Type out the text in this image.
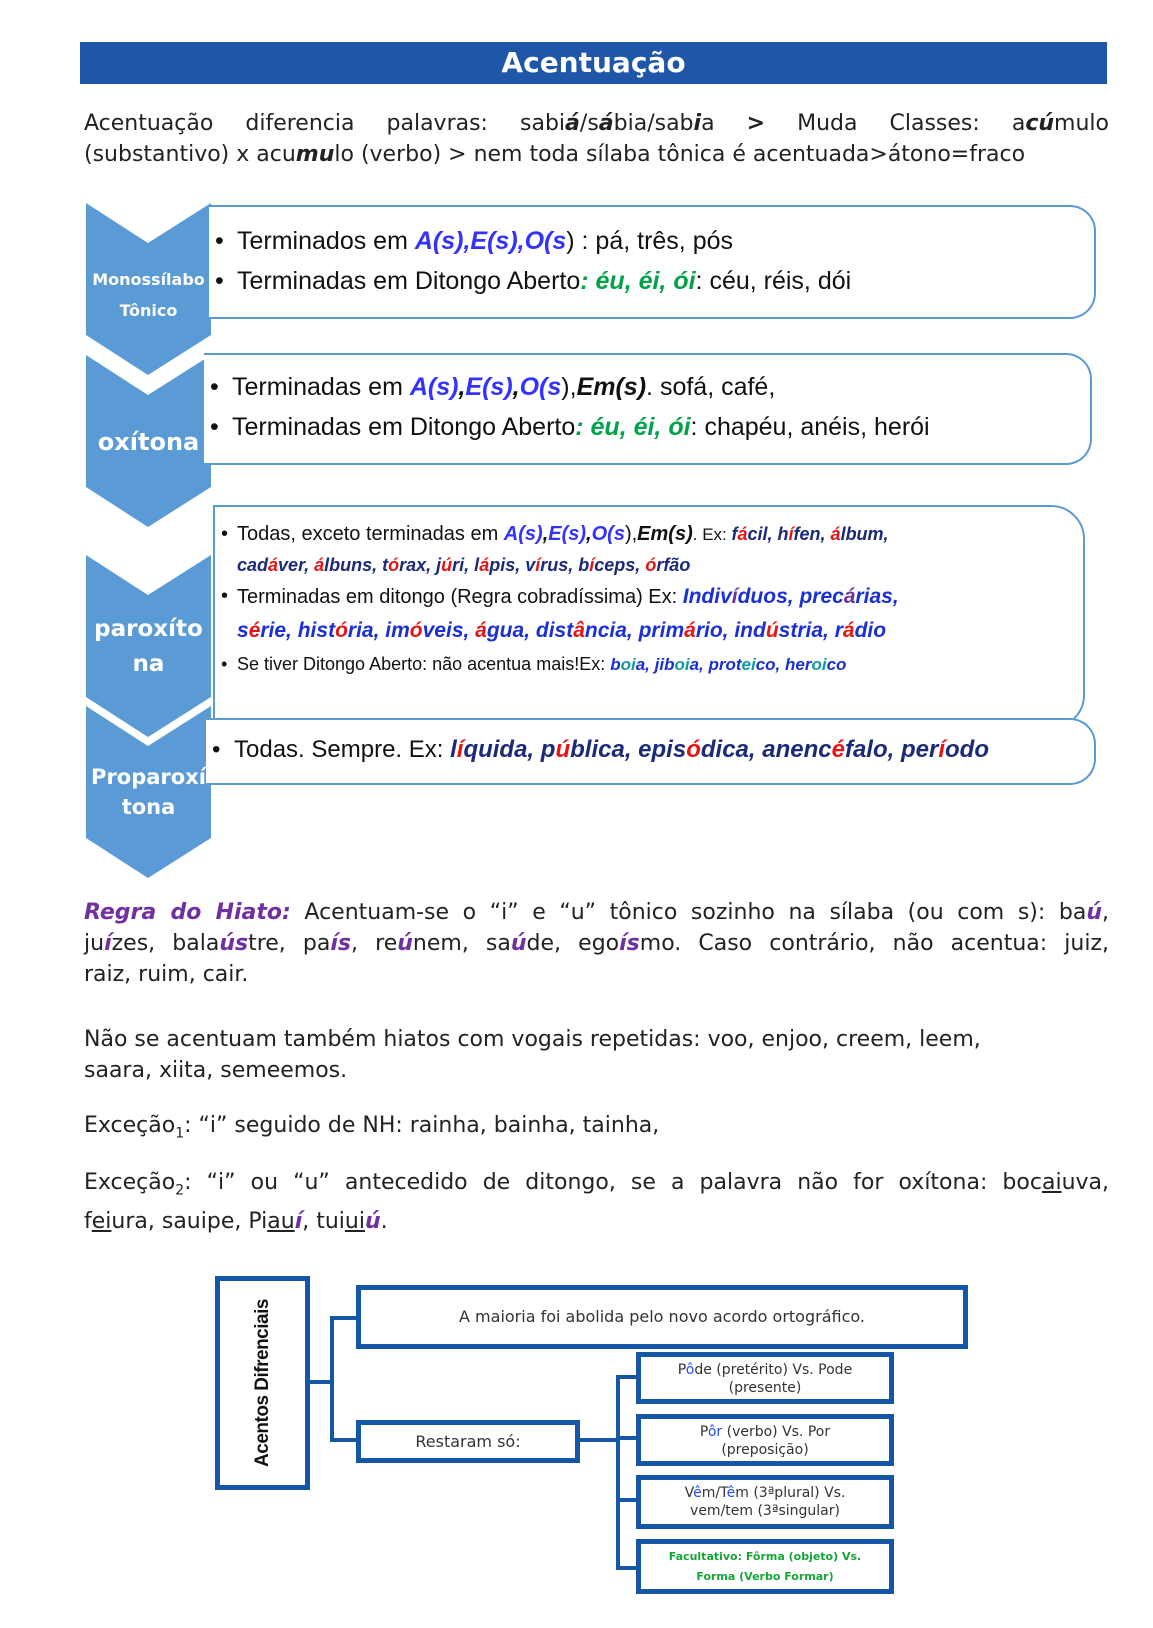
Acentuação
Acentuação diferencia palavras: sabiá/sábia/sabia > Muda Classes: acúmulo
(substantivo) x acumulo (verbo) > nem toda sílaba tônica é acentuada>átono=fraco
Monossílabo
Tônico
oxítona
paroxíto
na
Proparoxí
tona
• Terminados em A(s),E(s),O(s) : pá, três, pós
• Terminadas em Ditongo Aberto: éu, éi, ói: céu, réis, dói
• Terminadas em A(s),E(s),O(s),Em(s). sofá, café,
• Terminadas em Ditongo Aberto: éu, éi, ói: chapéu, anéis, herói
• Todas, exceto terminadas em A(s),E(s),O(s),Em(s). Ex: fácil, hífen, álbum,
cadáver, álbuns, tórax, júri, lápis, vírus, bíceps, órfão
• Terminadas em ditongo (Regra cobradíssima) Ex: Indivíduos, precárias,
série, história, imóveis, água, distância, primário, indústria, rádio
• Se tiver Ditongo Aberto: não acentua mais!Ex: boia, jiboia, proteico, heroico
• Todas. Sempre. Ex: líquida, pública, episódica, anencéfalo, período
Regra do Hiato: Acentuam-se o “i” e “u” tônico sozinho na sílaba (ou com s): baú,
juízes, balaústre, país, reúnem, saúde, egoísmo. Caso contrário, não acentua: juiz,
raiz, ruim, cair.
Não se acentuam também hiatos com vogais repetidas: voo, enjoo, creem, leem,
saara, xiita, semeemos.
Exceção$_1$: “i” seguido de NH: rainha, bainha, tainha,
Exceção$_2$: “i” ou “u” antecedido de ditongo, se a palavra não for oxítona: bocaiuva,
feiura, sauipe, Piauí, tuiuiú.
Acentos Difrenciais	A maioria foi abolida pelo novo acordo ortográfico.
Restaram só:
Pôde (pretérito) Vs. Pode
(presente)
Pôr (verbo) Vs. Por
(preposição)
Vêm/Têm (3ªplural) Vs.
vem/tem (3ªsingular)
Facultativo: Fôrma (objeto) Vs.
Forma (Verbo Formar)
